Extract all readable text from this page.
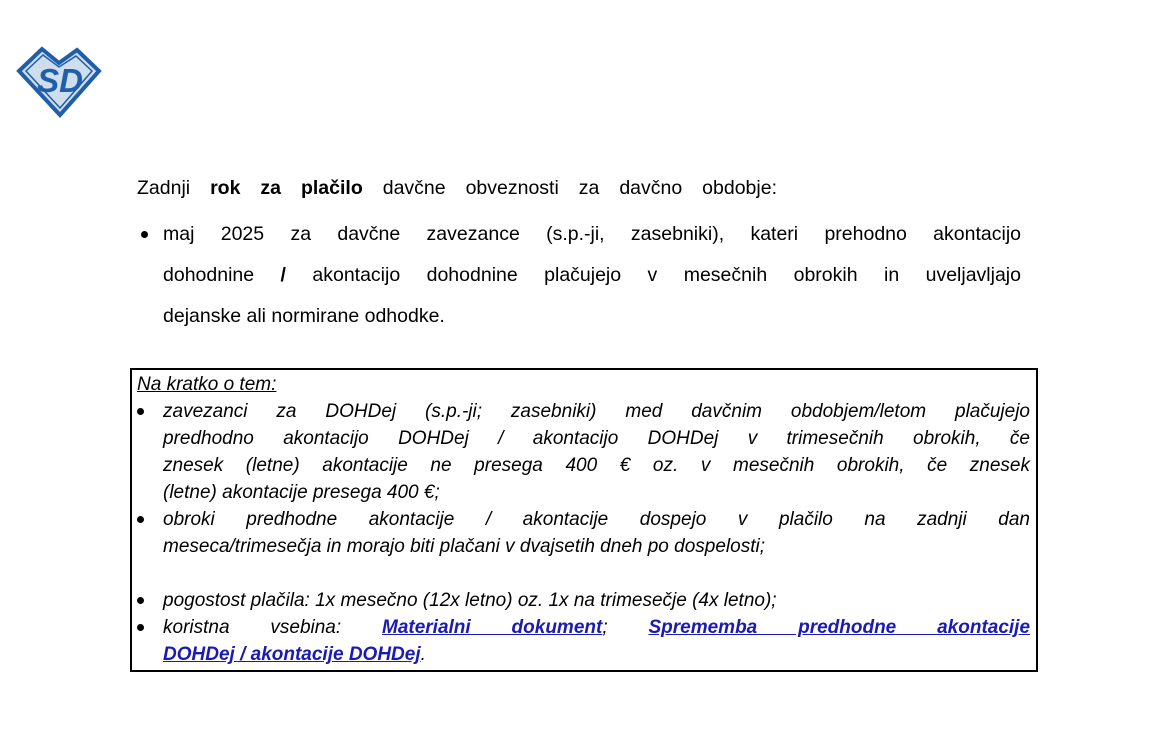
SD
Zadnji rok za plačilo davčne obveznosti za davčno obdobje:
maj 2025 za davčne zavezance (s.p.-ji, zasebniki), kateri prehodno akontacijo
dohodnine / akontacijo dohodnine plačujejo v mesečnih obrokih in uveljavljajo
dejanske ali normirane odhodke.
Na kratko o tem:
zavezanci za DOHDej (s.p.-ji; zasebniki) med davčnim obdobjem/letom plačujejo
predhodno akontacijo DOHDej / akontacijo DOHDej v trimesečnih obrokih, če
znesek (letne) akontacije ne presega 400 € oz. v mesečnih obrokih, če znesek
(letne) akontacije presega 400 €;
obroki predhodne akontacije / akontacije dospejo v plačilo na zadnji dan
meseca/trimesečja in morajo biti plačani v dvajsetih dneh po dospelosti;
pogostost plačila: 1x mesečno (12x letno) oz. 1x na trimesečje (4x letno);
koristna vsebina: Materialni dokument; Sprememba predhodne akontacije
DOHDej / akontacije DOHDej.
